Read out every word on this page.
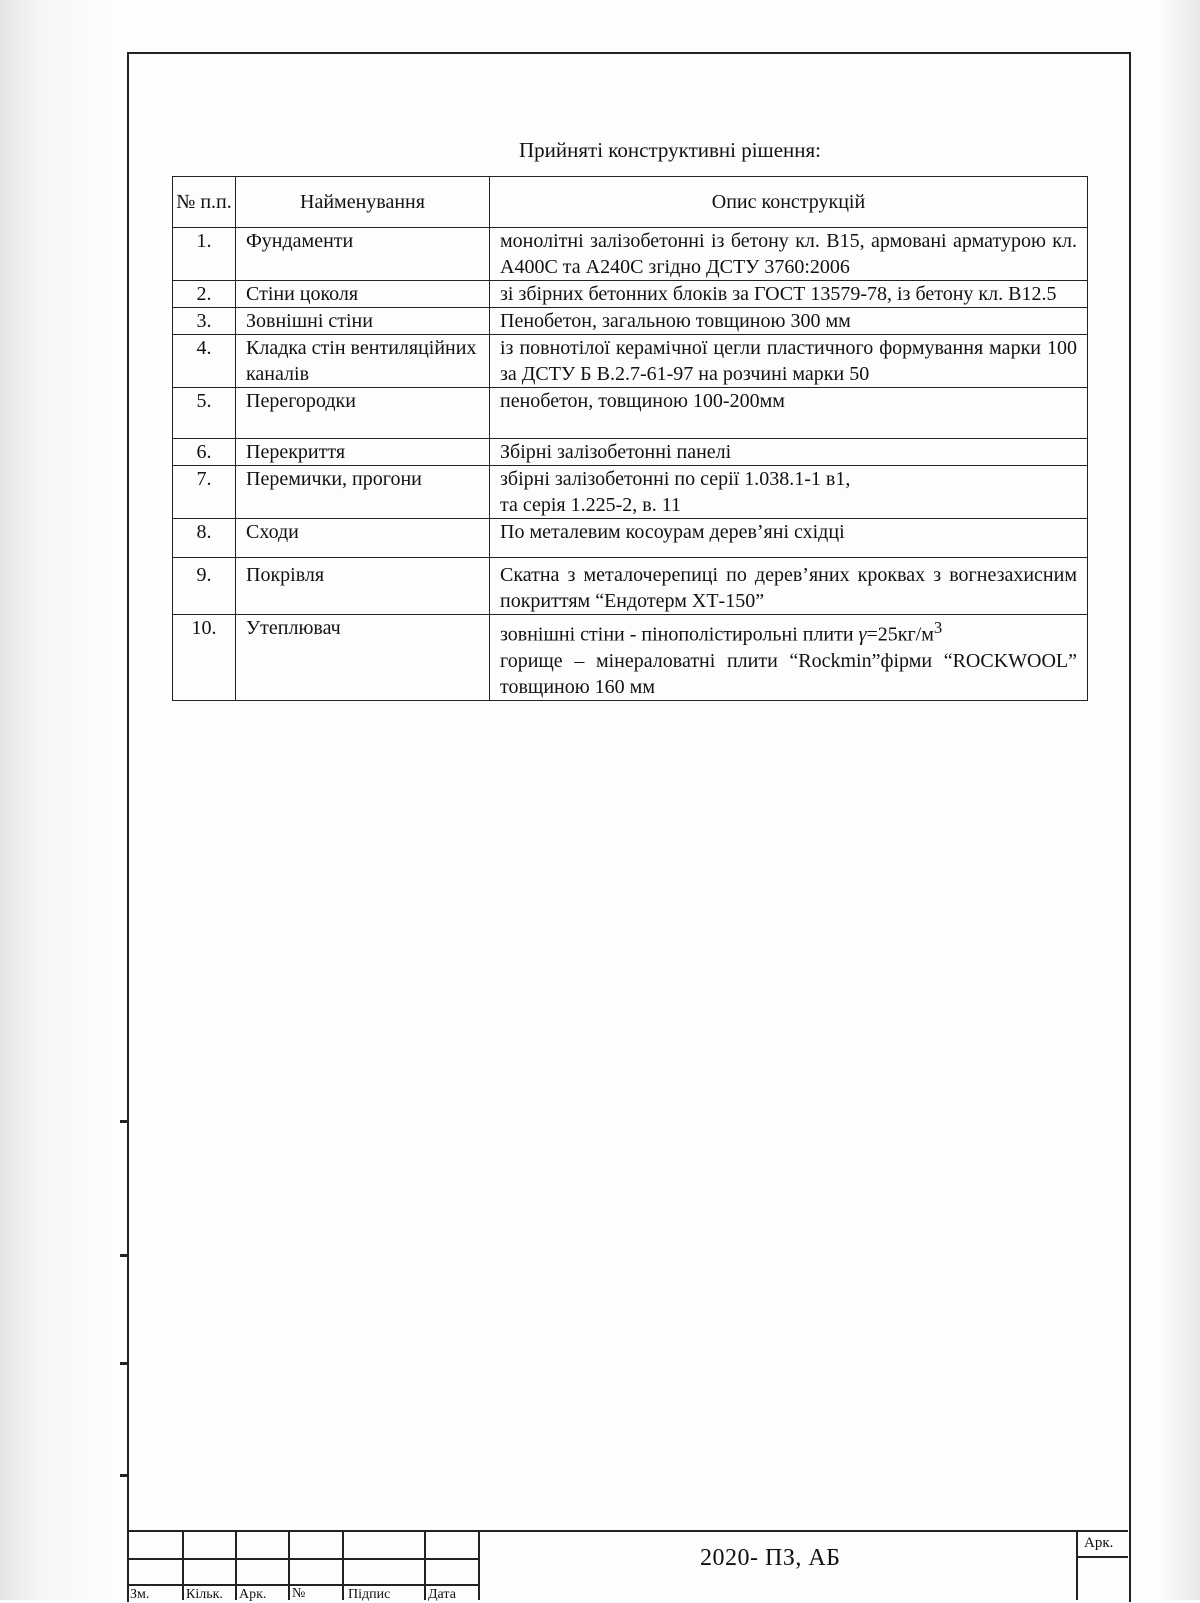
Прийняті конструктивні рішення:
№ п.п.	Найменування	Опис конструкцій
1.	Фундаменти	монолітні залізобетонні із бетону кл. В15, армовані арматурою кл. А400С та А240С згідно ДСТУ 3760:2006
2.	Стіни цоколя	зі збірних бетонних блоків за ГОСТ 13579-78, із бетону кл. В12.5
3.	Зовнішні стіни	Пенобетон, загальною товщиною 300 мм
4.	Кладка стін вентиляційних каналів	із повнотілої керамічної цегли пластичного формування марки 100 за ДСТУ Б В.2.7-61-97 на розчині марки 50
5.	Перегородки	пенобетон, товщиною 100-200мм
6.	Перекриття	Збірні залізобетонні панелі
7.	Перемички, прогони	збірні залізобетонні по серії 1.038.1-1 в1,
та серія 1.225-2, в. 11
8.	Сходи	По металевим косоурам дерев’яні східці
9.	Покрівля	Скатна з металочерепиці по дерев’яних кроквах з вогнезахисним покриттям “Ендотерм ХТ-150”
10.	Утеплювач	зовнішні стіни - пінополістирольні плити $\gamma=25кг/м^3$
горище – мінераловатні плити “Rockmin”фірми “ROCKWOOL” товщиною 160 мм
Зм.	Кільк. Арк. №	Підпис	Дата
2020- ПЗ, АБ
Арк.
